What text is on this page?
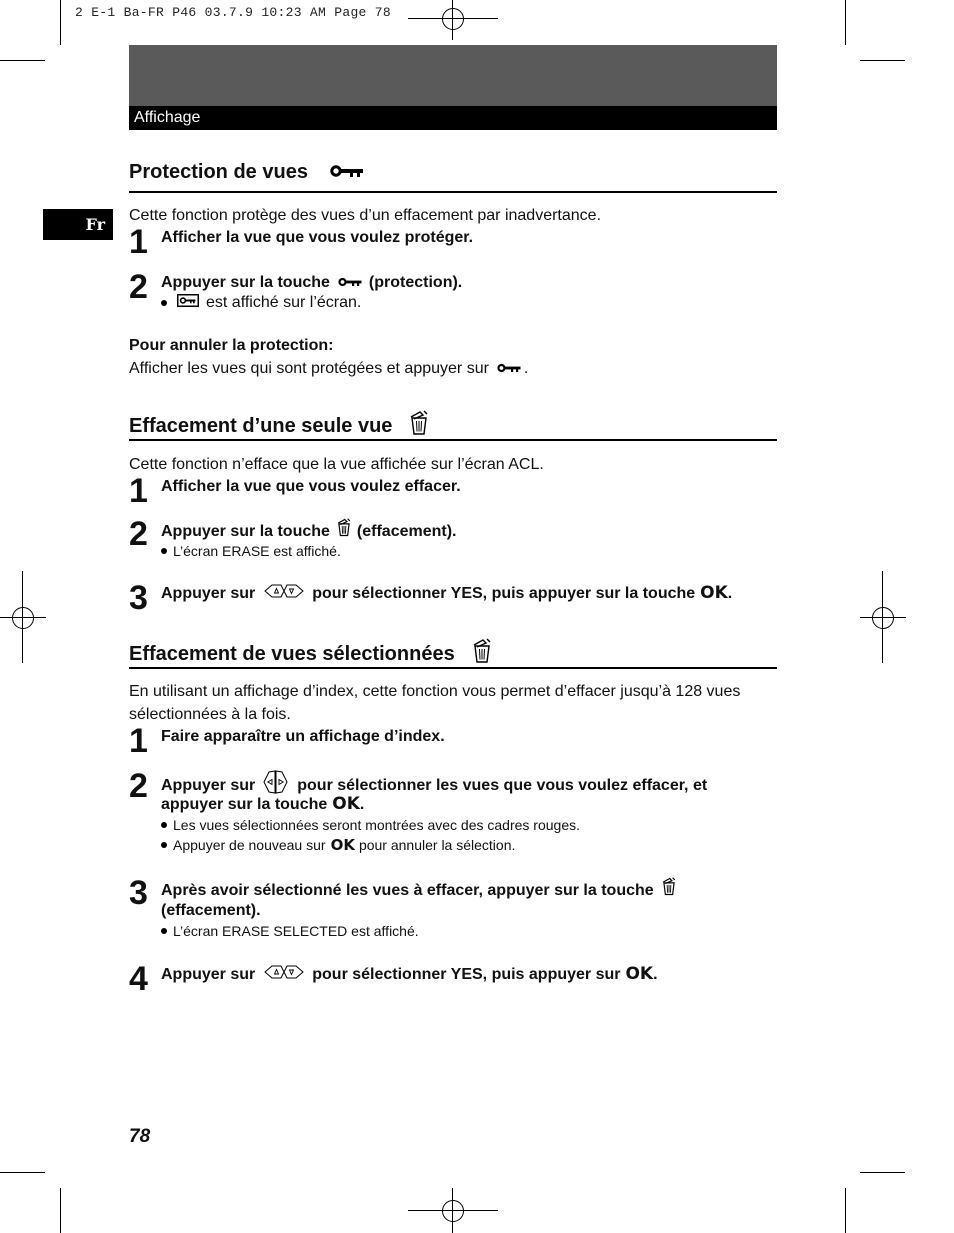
2 E-1 Ba-FR P46 03.7.9 10:23 AM Page 78
Affichage
Fr
Protection de vues
Cette fonction protège des vues d’un effacement par inadvertance.
1 Afficher la vue que vous voulez protéger.
2 Appuyer sur la touche (protection).
est affiché sur l’écran.
Pour annuler la protection:
Afficher les vues qui sont protégées et appuyer sur .
Effacement d’une seule vue
Cette fonction n’efface que la vue affichée sur l’écran ACL.
1 Afficher la vue que vous voulez effacer.
2 Appuyer sur la touche (effacement).
L’écran ERASE est affiché.
3 Appuyer sur	pour sélectionner YES, puis appuyer sur la touche OK .
Effacement de vues sélectionnées
En utilisant un affichage d’index, cette fonction vous permet d’effacer jusqu’à 128 vues
sélectionnées à la fois.
1 Faire apparaître un affichage d’index.
2 Appuyer sur	pour sélectionner les vues que vous voulez effacer, et
appuyer sur la touche OK .
Les vues sélectionnées seront montrées avec des cadres rouges.
Appuyer de nouveau sur OK pour annuler la sélection.
3 Après avoir sélectionné les vues à effacer, appuyer sur la touche
(effacement).
L’écran ERASE SELECTED est affiché.
4 Appuyer sur	pour sélectionner YES, puis appuyer sur OK .
78
